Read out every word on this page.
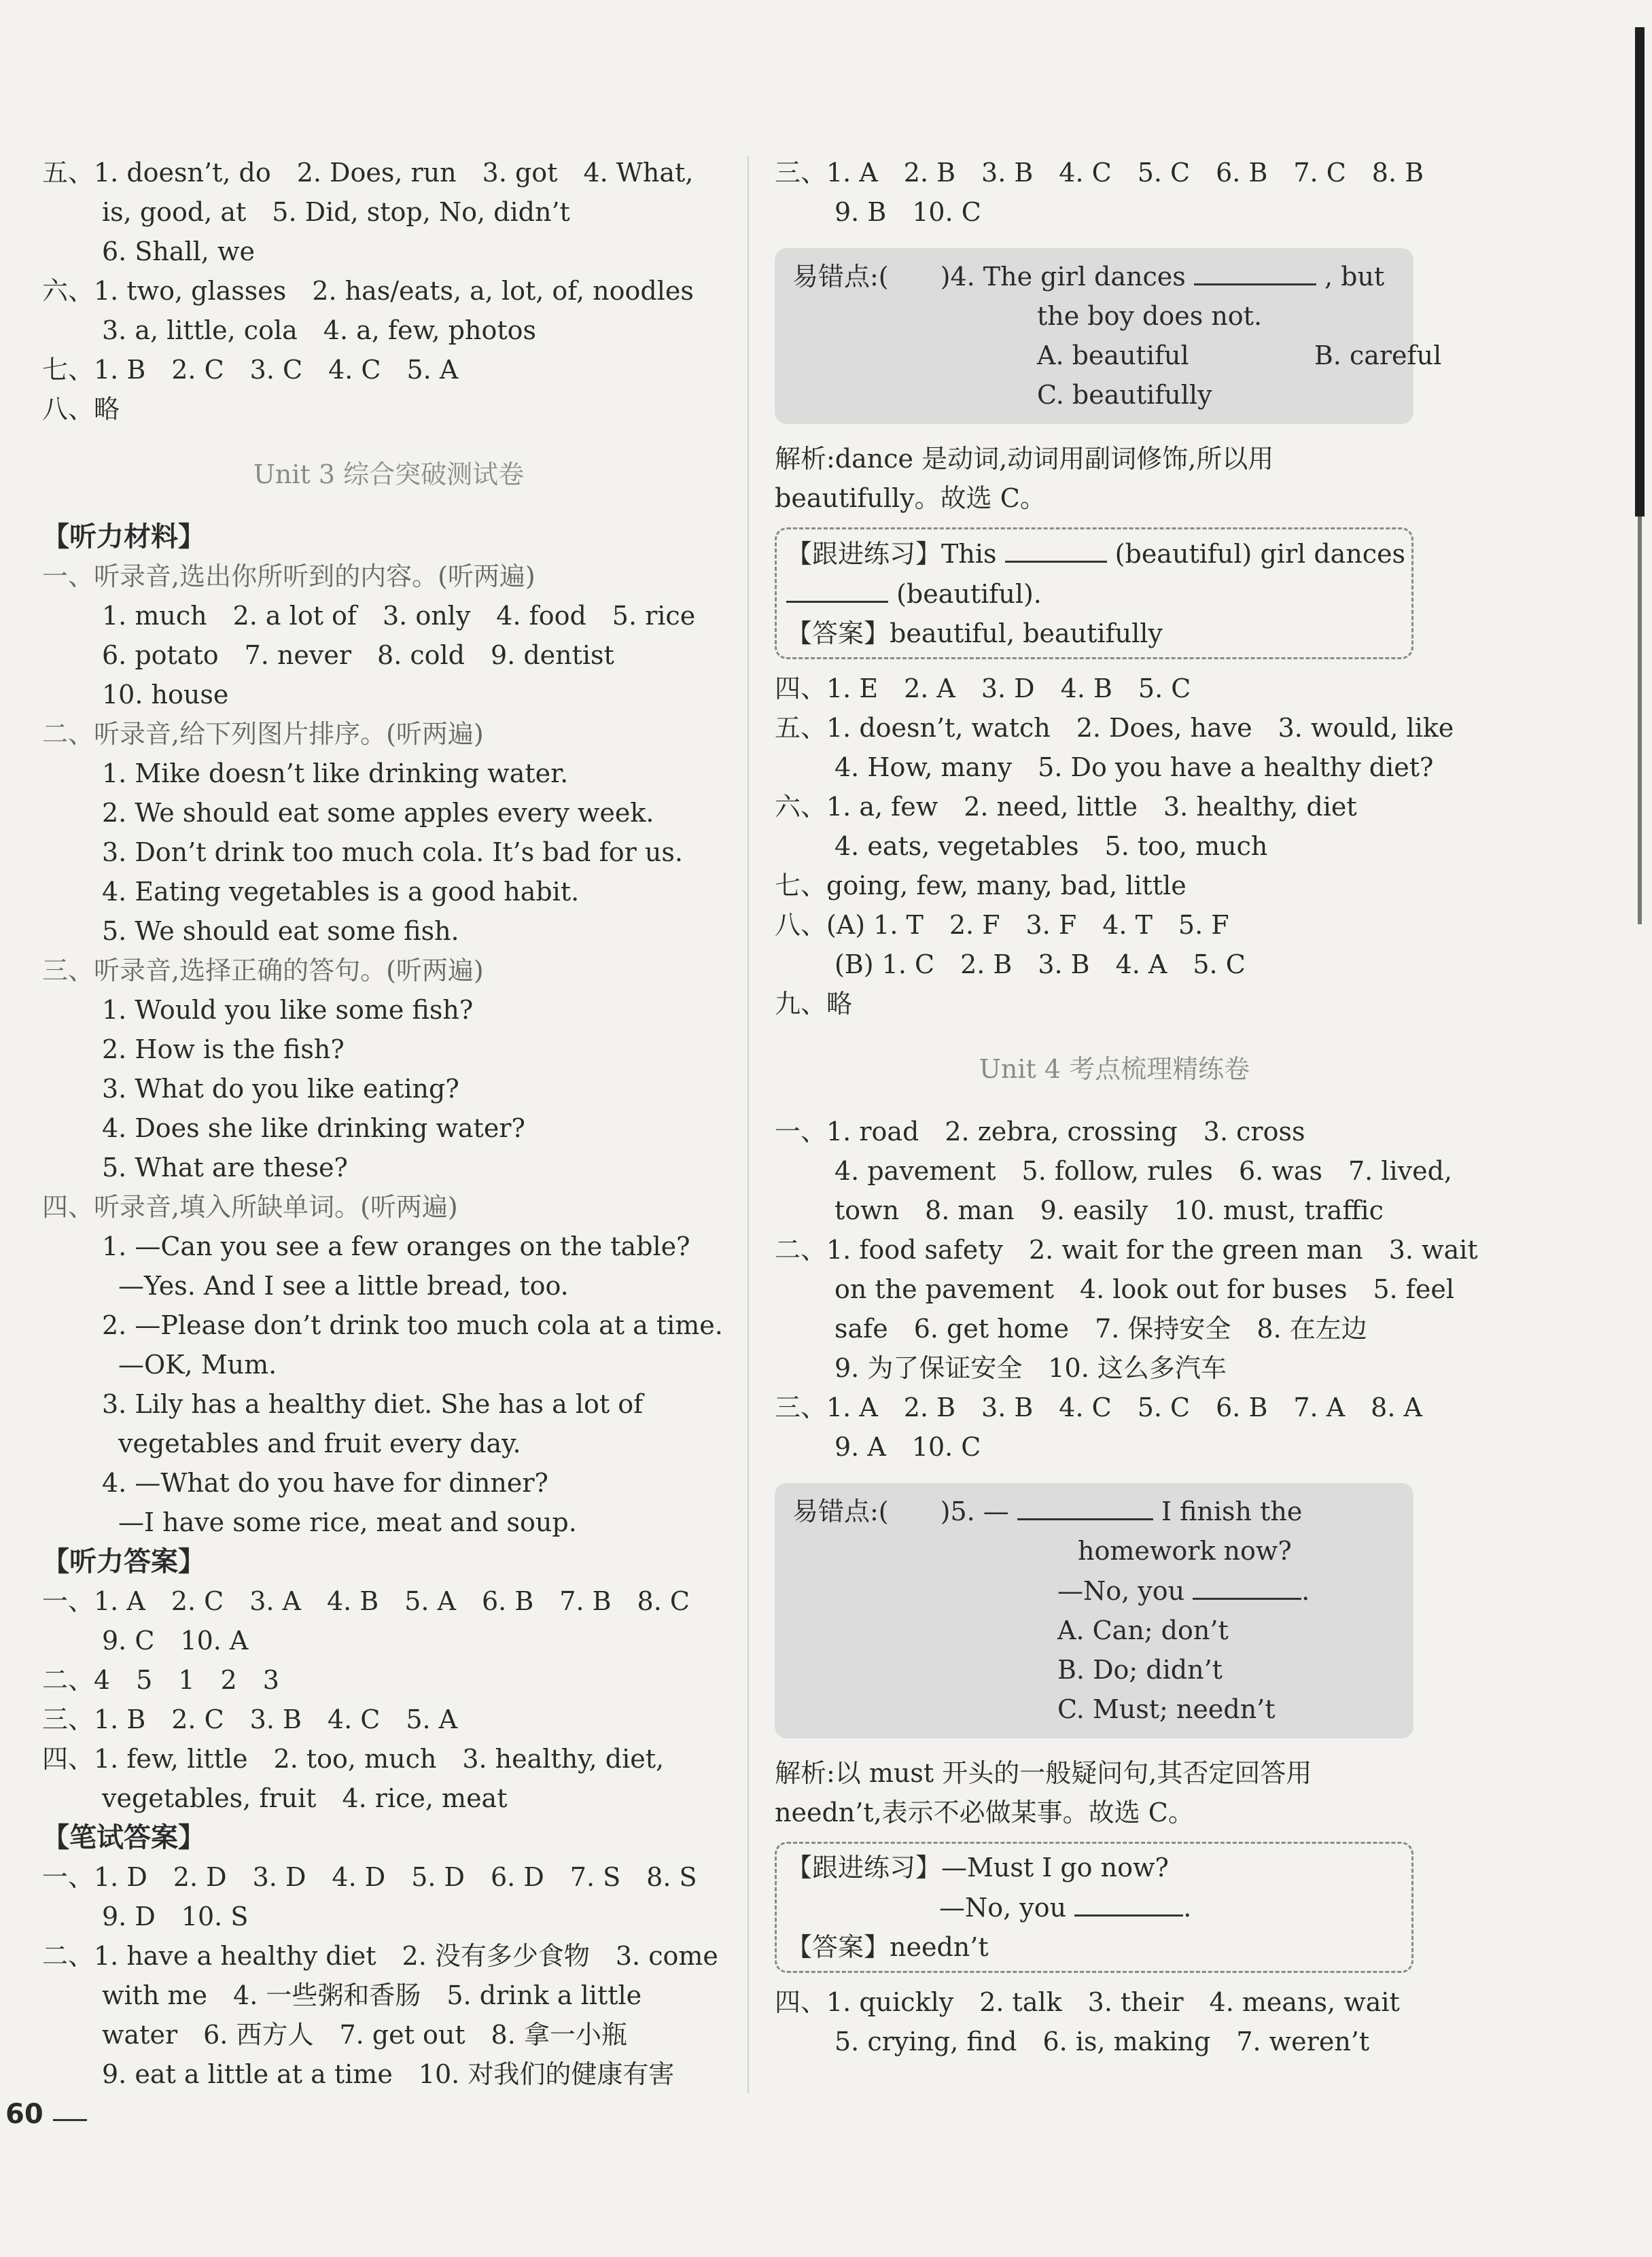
五、1. doesn’t, do　2. Does, run　3. got　4. What,
is, good, at　5. Did, stop, No, didn’t
6. Shall, we
六、1. two, glasses　2. has/eats, a, lot, of, noodles
3. a, little, cola　4. a, few, photos
七、1. B　2. C　3. C　4. C　5. A
八、略
Unit 3 综合突破测试卷
【听力材料】
一、听录音,选出你所听到的内容。(听两遍)
1. much　2. a lot of　3. only　4. food　5. rice
6. potato　7. never　8. cold　9. dentist
10. house
二、听录音,给下列图片排序。(听两遍)
1. Mike doesn’t like drinking water.
2. We should eat some apples every week.
3. Don’t drink too much cola. It’s bad for us.
4. Eating vegetables is a good habit.
5. We should eat some fish.
三、听录音,选择正确的答句。(听两遍)
1. Would you like some fish?
2. How is the fish?
3. What do you like eating?
4. Does she like drinking water?
5. What are these?
四、听录音,填入所缺单词。(听两遍)
1. —Can you see a few oranges on the table?
—Yes. And I see a little bread, too.
2. —Please don’t drink too much cola at a time.
—OK, Mum.
3. Lily has a healthy diet. She has a lot of
vegetables and fruit every day.
4. —What do you have for dinner?
—I have some rice, meat and soup.
【听力答案】
一、1. A　2. C　3. A　4. B　5. A　6. B　7. B　8. C
9. C　10. A
二、4　5　1　2　3
三、1. B　2. C　3. B　4. C　5. A
四、1. few, little　2. too, much　3. healthy, diet,
vegetables, fruit　4. rice, meat
【笔试答案】
一、1. D　2. D　3. D　4. D　5. D　6. D　7. S　8. S
9. D　10. S
二、1. have a healthy diet　2. 没有多少食物　3. come
with me　4. 一些粥和香肠　5. drink a little
water　6. 西方人　7. get out　8. 拿一小瓶
9. eat a little at a time　10. 对我们的健康有害
三、1. A　2. B　3. B　4. C　5. C　6. B　7. C　8. B
9. B　10. C
易错点:(　　)4. The girl dances	, but
the boy does not.
A. beautiful	B. careful
C. beautifully
解析:dance 是动词,动词用副词修饰,所以用
beautifully。故选 C。
【跟进练习】This	(beautiful) girl dances
(beautiful).
【答案】beautiful, beautifully
四、1. E　2. A　3. D　4. B　5. C
五、1. doesn’t, watch　2. Does, have　3. would, like
4. How, many　5. Do you have a healthy diet?
六、1. a, few　2. need, little　3. healthy, diet
4. eats, vegetables　5. too, much
七、going, few, many, bad, little
八、(A) 1. T　2. F　3. F　4. T　5. F
(B) 1. C　2. B　3. B　4. A　5. C
九、略
Unit 4 考点梳理精练卷
一、1. road　2. zebra, crossing　3. cross
4. pavement　5. follow, rules　6. was　7. lived,
town　8. man　9. easily　10. must, traffic
二、1. food safety　2. wait for the green man　3. wait
on the pavement　4. look out for buses　5. feel
safe　6. get home　7. 保持安全　8. 在左边
9. 为了保证安全　10. 这么多汽车
三、1. A　2. B　3. B　4. C　5. C　6. B　7. A　8. A
9. A　10. C
易错点:(　　)5. —	I finish the
homework now?
—No, you	.
A. Can; don’t
B. Do; didn’t
C. Must; needn’t
解析:以 must 开头的一般疑问句,其否定回答用
needn’t,表示不必做某事。故选 C。
【跟进练习】—Must I go now?
—No, you	.
【答案】needn’t
四、1. quickly　2. talk　3. their　4. means, wait
5. crying, find　6. is, making　7. weren’t
60
